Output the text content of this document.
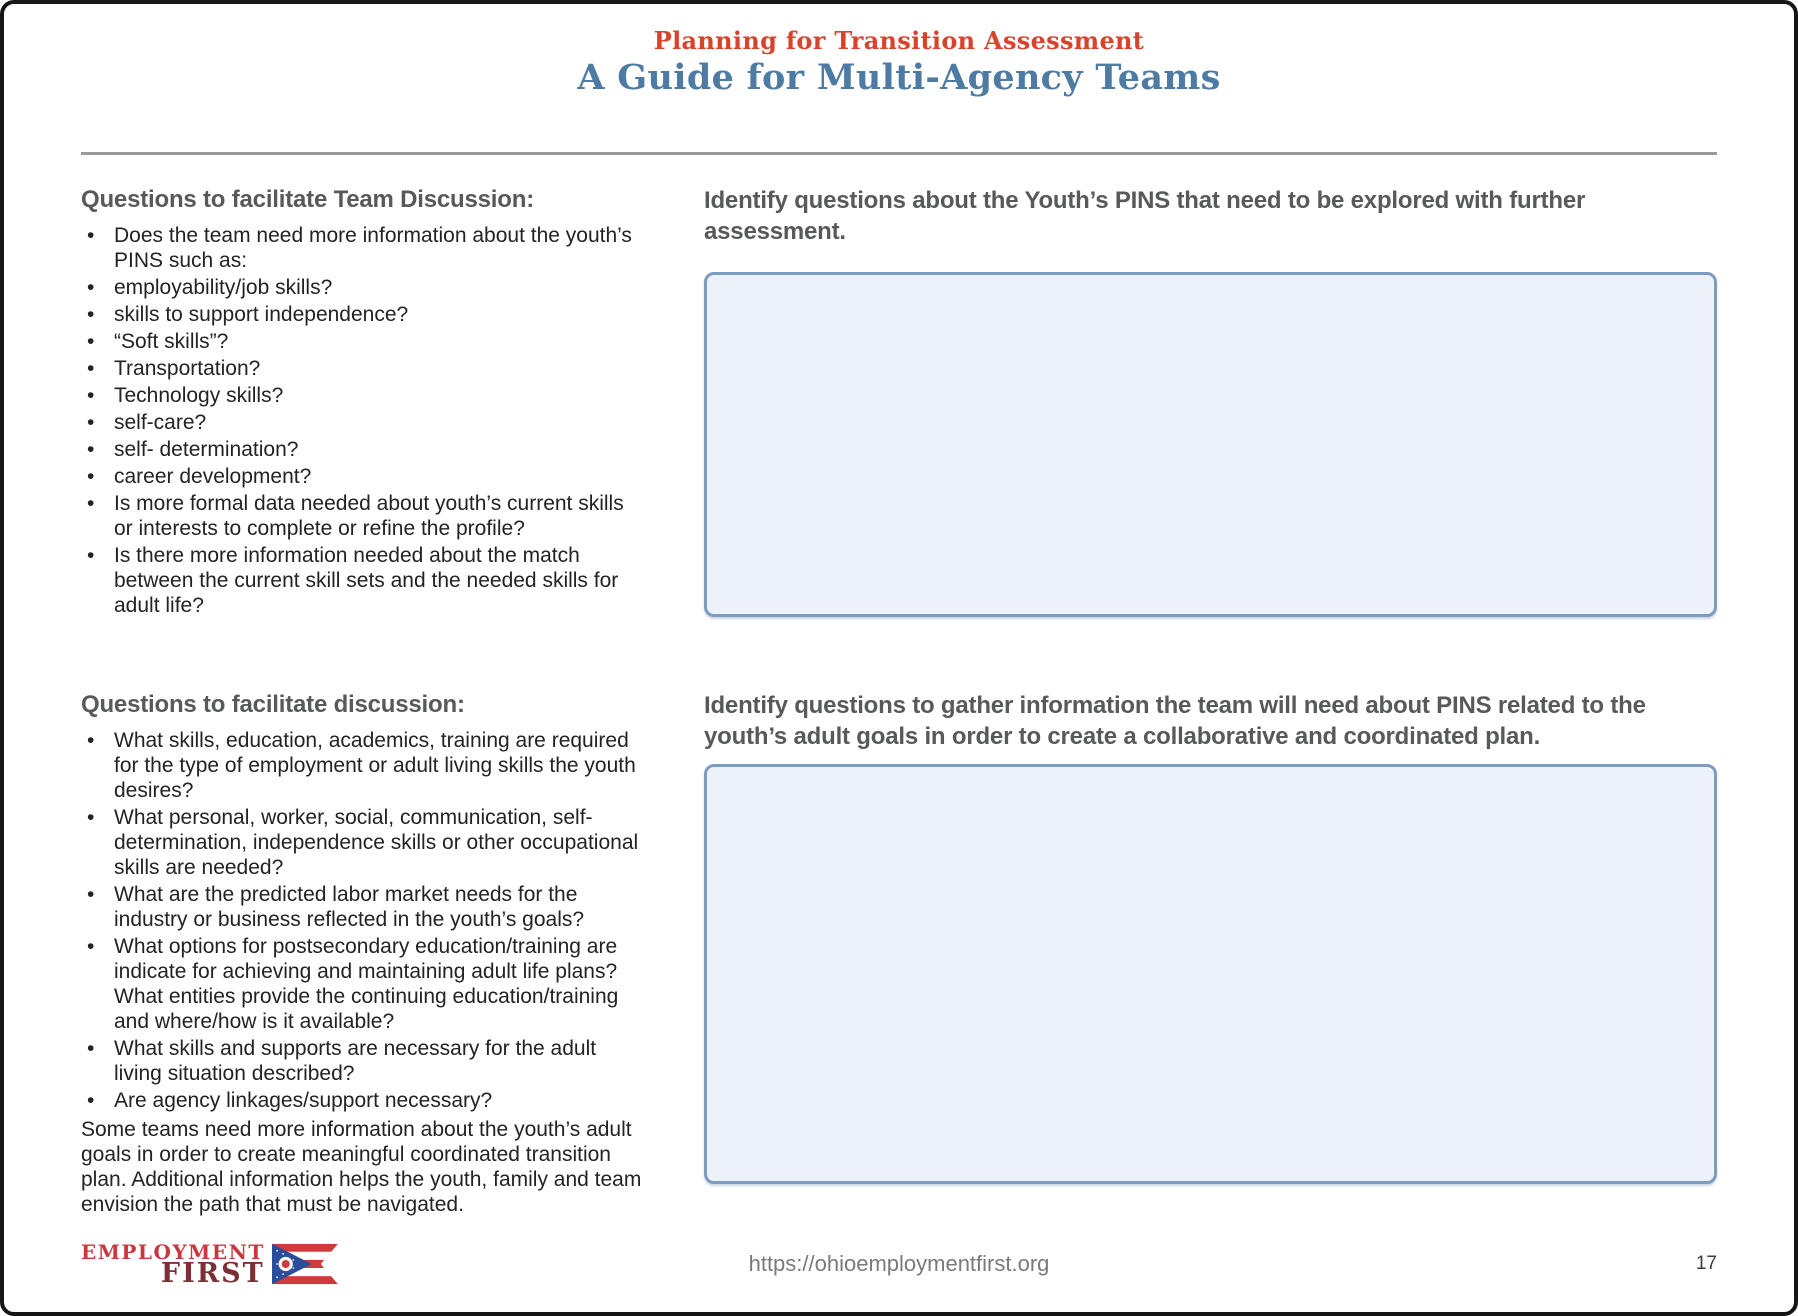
Planning for Transition Assessment
A Guide for Multi-Agency Teams
Questions to facilitate Team Discussion:
• Does the team need more information about the youth’s PINS such as:
• employability/job skills?
• skills to support independence?
• “Soft skills”?
• Transportation?
• Technology skills?
• self-care?
• self- determination?
• career development?
• Is more formal data needed about youth’s current skills or interests to complete or refine the profile?
• Is there more information needed about the match between the current skill sets and the needed skills for adult life?
Identify questions about the Youth’s PINS that need to be explored with further assessment.
Questions to facilitate discussion:
• What skills, education, academics, training are required for the type of employment or adult living skills the youth desires?
• What personal, worker, social, communication, self-determination, independence skills or other occupational skills are needed?
• What are the predicted labor market needs for the industry or business reflected in the youth’s goals?
• What options for postsecondary education/training are indicate for achieving and maintaining adult life plans? What entities provide the continuing education/training and where/how is it available?
• What skills and supports are necessary for the adult living situation described?
• Are agency linkages/support necessary?

Some teams need more information about the youth’s adult goals in order to create meaningful coordinated transition plan. Additional information helps the youth, family and team envision the path that must be navigated.

Identify questions to gather information the team will need about PINS related to the youth’s adult goals in order to create a collaborative and coordinated plan.
EMPLOYMENT
FIRST	https://ohioemploymentfirst.org	17
